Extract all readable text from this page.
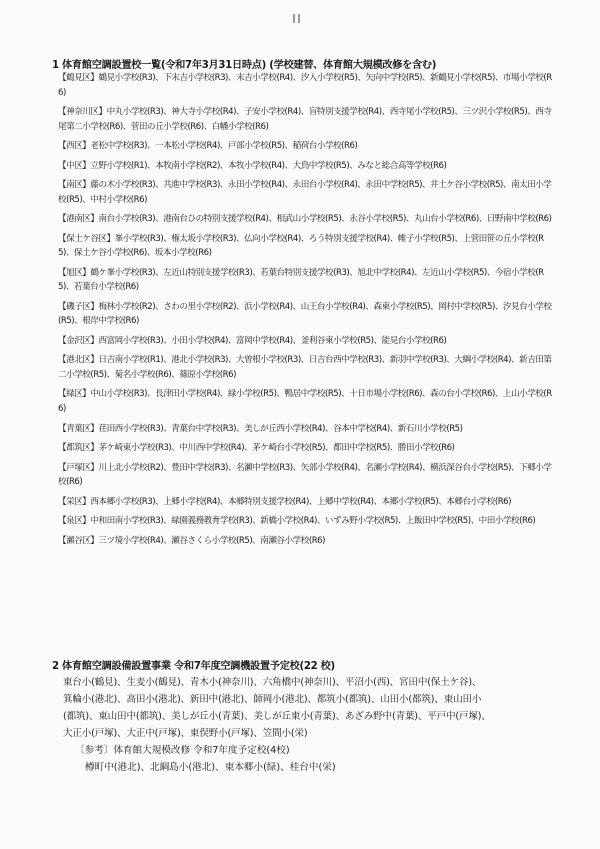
1 体育館空調設置校一覧(令和7年3月31日時点) (学校建替、体育館大規模改修を含む)
【鶴見区】鶴見小学校(R3)、下末吉小学校(R3)、末吉小学校(R4)、汐入小学校(R5)、矢向中学校(R5)、新鶴見小学校(R5)、市場小学校(R6)
【神奈川区】中丸小学校(R3)、神大寺小学校(R4)、子安小学校(R4)、盲特別支援学校(R4)、西寺尾小学校(R5)、三ツ沢小学校(R5)、西寺尾第二小学校(R6)、菅田の丘小学校(R6)、白幡小学校(R6)
【西区】老松中学校(R3)、一本松小学校(R4)、戸部小学校(R5)、稲荷台小学校(R6)
【中区】立野小学校(R1)、本牧南小学校(R2)、本牧小学校(R4)、大鳥中学校(R5)、みなと総合高等学校(R6)
【南区】藤の木小学校(R3)、共進中学校(R3)、永田小学校(R4)、永田台小学校(R4)、永田中学校(R5)、井土ケ谷小学校(R5)、南太田小学校(R5)、中村小学校(R6)
【港南区】南台小学校(R3)、港南台ひの特別支援学校(R4)、相武山小学校(R5)、永谷小学校(R5)、丸山台小学校(R6)、日野南中学校(R6)
【保土ケ谷区】峯小学校(R3)、権太坂小学校(R3)、仏向小学校(R4)、ろう特別支援学校(R4)、帷子小学校(R5)、上菅田笹の丘小学校(R5)、保土ケ谷小学校(R6)、坂本小学校(R6)
【旭区】鶴ケ峯小学校(R3)、左近山特別支援学校(R3)、若葉台特別支援学校(R3)、旭北中学校(R4)、左近山小学校(R5)、今宿小学校(R5)、若葉台小学校(R6)
【磯子区】梅林小学校(R2)、さわの里小学校(R2)、浜小学校(R4)、山王台小学校(R4)、森東小学校(R5)、岡村中学校(R5)、汐見台小学校(R5)、根岸中学校(R6)
【金沢区】西富岡小学校(R3)、小田小学校(R4)、富岡中学校(R4)、釜利谷東小学校(R5)、能見台小学校(R6)
【港北区】日吉南小学校(R1)、港北小学校(R3)、大曽根小学校(R3)、日吉台西中学校(R3)、新羽中学校(R3)、大綱小学校(R4)、新吉田第二小学校(R5)、菊名小学校(R6)、篠原小学校(R6)
【緑区】中山小学校(R3)、長津田小学校(R4)、緑小学校(R5)、鴨居中学校(R5)、十日市場小学校(R6)、森の台小学校(R6)、上山小学校(R6)
【青葉区】荏田西小学校(R3)、青葉台中学校(R3)、美しが丘西小学校(R4)、谷本中学校(R4)、新石川小学校(R5)
【都筑区】茅ケ崎東小学校(R3)、中川西中学校(R4)、茅ケ崎台小学校(R5)、都田中学校(R5)、勝田小学校(R6)
【戸塚区】川上北小学校(R2)、豊田中学校(R3)、名瀬中学校(R3)、矢部小学校(R4)、名瀬小学校(R4)、横浜深谷台小学校(R5)、下郷小学校(R6)
【栄区】西本郷小学校(R3)、上郷小学校(R4)、本郷特別支援学校(R4)、上郷中学校(R4)、本郷小学校(R5)、本郷台小学校(R6)
【泉区】中和田南小学校(R3)、緑園義務教育学校(R3)、新橋小学校(R4)、いずみ野小学校(R5)、上飯田中学校(R5)、中田小学校(R6)
【瀬谷区】三ツ境小学校(R4)、瀬谷さくら小学校(R5)、南瀬谷小学校(R6)
2 体育館空調設備設置事業 令和7年度空調機設置予定校(22 校)
東台小(鶴見)、生麦小(鶴見)、青木小(神奈川)、六角橋中(神奈川)、平沼小(西)、宮田中(保土ケ谷)、
箕輪小(港北)、高田小(港北)、新田中(港北)、師岡小(港北)、都筑小(都筑)、山田小(都筑)、東山田小
(都筑)、東山田中(都筑)、美しが丘小(青葉)、美しが丘東小(青葉)、あざみ野中(青葉)、平戸中(戸塚)、
大正小(戸塚)、大正中(戸塚)、東俣野小(戸塚)、笠間小(栄)
〔参考〕体育館大規模改修 令和7年度予定校(4校)
樽町中(港北)、北綱島小(港北)、東本郷小(緑)、桂台中(栄)
